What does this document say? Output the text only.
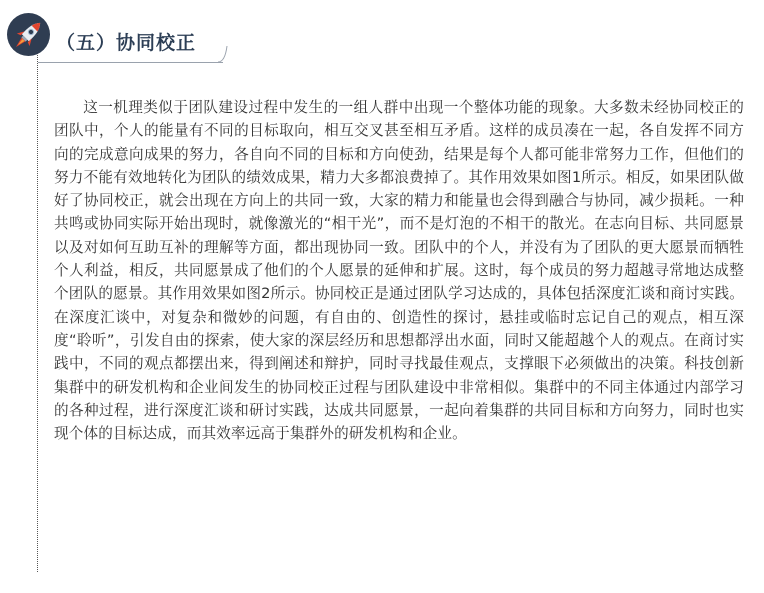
（五）协同校正

这一机理类似于团队建设过程中发生的一组人群中出现一个整体功能的现象。大多数未经协同校正的团队中，个人的能量有不同的目标取向，相互交叉甚至相互矛盾。这样的成员凑在一起，各自发挥不同方向的完成意向成果的努力，各自向不同的目标和方向使劲，结果是每个人都可能非常努力工作，但他们的努力不能有效地转化为团队的绩效成果，精力大多都浪费掉了。其作用效果如图1所示。相反，如果团队做好了协同校正，就会出现在方向上的共同一致，大家的精力和能量也会得到融合与协同，减少损耗。一种共鸣或协同实际开始出现时，就像激光的“相干光”，而不是灯泡的不相干的散光。在志向目标、共同愿景以及对如何互助互补的理解等方面，都出现协同一致。团队中的个人，并没有为了团队的更大愿景而牺牲个人利益，相反，共同愿景成了他们的个人愿景的延伸和扩展。这时，每个成员的努力超越寻常地达成整个团队的愿景。其作用效果如图2所示。协同校正是通过团队学习达成的，具体包括深度汇谈和商讨实践。在深度汇谈中，对复杂和微妙的问题，有自由的、创造性的探讨，悬挂或临时忘记自己的观点，相互深度“聆听”，引发自由的探索，使大家的深层经历和思想都浮出水面，同时又能超越个人的观点。在商讨实践中，不同的观点都摆出来，得到阐述和辩护，同时寻找最佳观点，支撑眼下必须做出的决策。科技创新集群中的研发机构和企业间发生的协同校正过程与团队建设中非常相似。集群中的不同主体通过内部学习的各种过程，进行深度汇谈和研讨实践，达成共同愿景，一起向着集群的共同目标和方向努力，同时也实现个体的目标达成，而其效率远高于集群外的研发机构和企业。
